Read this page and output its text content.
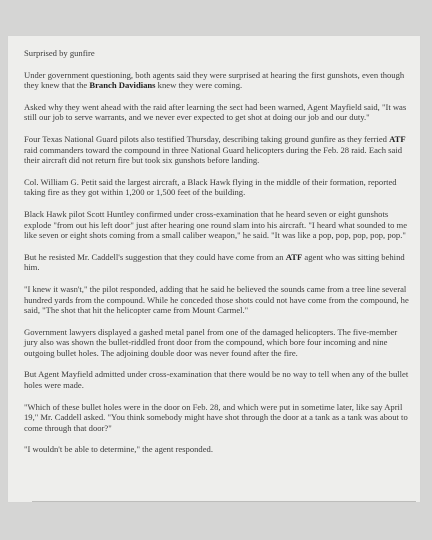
Surprised by gunfire

Under government questioning, both agents said they were surprised at hearing the first gunshots, even though they knew that the Branch Davidians knew they were coming.

Asked why they went ahead with the raid after learning the sect had been warned, Agent Mayfield said, "It was still our job to serve warrants, and we never ever expected to get shot at doing our job and our duty."

Four Texas National Guard pilots also testified Thursday, describing taking ground gunfire as they ferried ATF raid commanders toward the compound in three National Guard helicopters during the Feb. 28 raid. Each said their aircraft did not return fire but took six gunshots before landing.

Col. William G. Petit said the largest aircraft, a Black Hawk flying in the middle of their formation, reported taking fire as they got within 1,200 or 1,500 feet of the building.

Black Hawk pilot Scott Huntley confirmed under cross-examination that he heard seven or eight gunshots explode "from out his left door" just after hearing one round slam into his aircraft. "I heard what sounded to me like seven or eight shots coming from a small caliber weapon," he said. "It was like a pop, pop, pop, pop, pop."

But he resisted Mr. Caddell's suggestion that they could have come from an ATF agent who was sitting behind him.

"I knew it wasn't," the pilot responded, adding that he said he believed the sounds came from a tree line several hundred yards from the compound. While he conceded those shots could not have come from the compound, he said, "The shot that hit the helicopter came from Mount Carmel."

Government lawyers displayed a gashed metal panel from one of the damaged helicopters. The five-member jury also was shown the bullet-riddled front door from the compound, which bore four incoming and nine outgoing bullet holes. The adjoining double door was never found after the fire.

But Agent Mayfield admitted under cross-examination that there would be no way to tell when any of the bullet holes were made.

"Which of these bullet holes were in the door on Feb. 28, and which were put in sometime later, like say April 19," Mr. Caddell asked. "You think somebody might have shot through the door at a tank as a tank was about to come through that door?"

"I wouldn't be able to determine," the agent responded.
